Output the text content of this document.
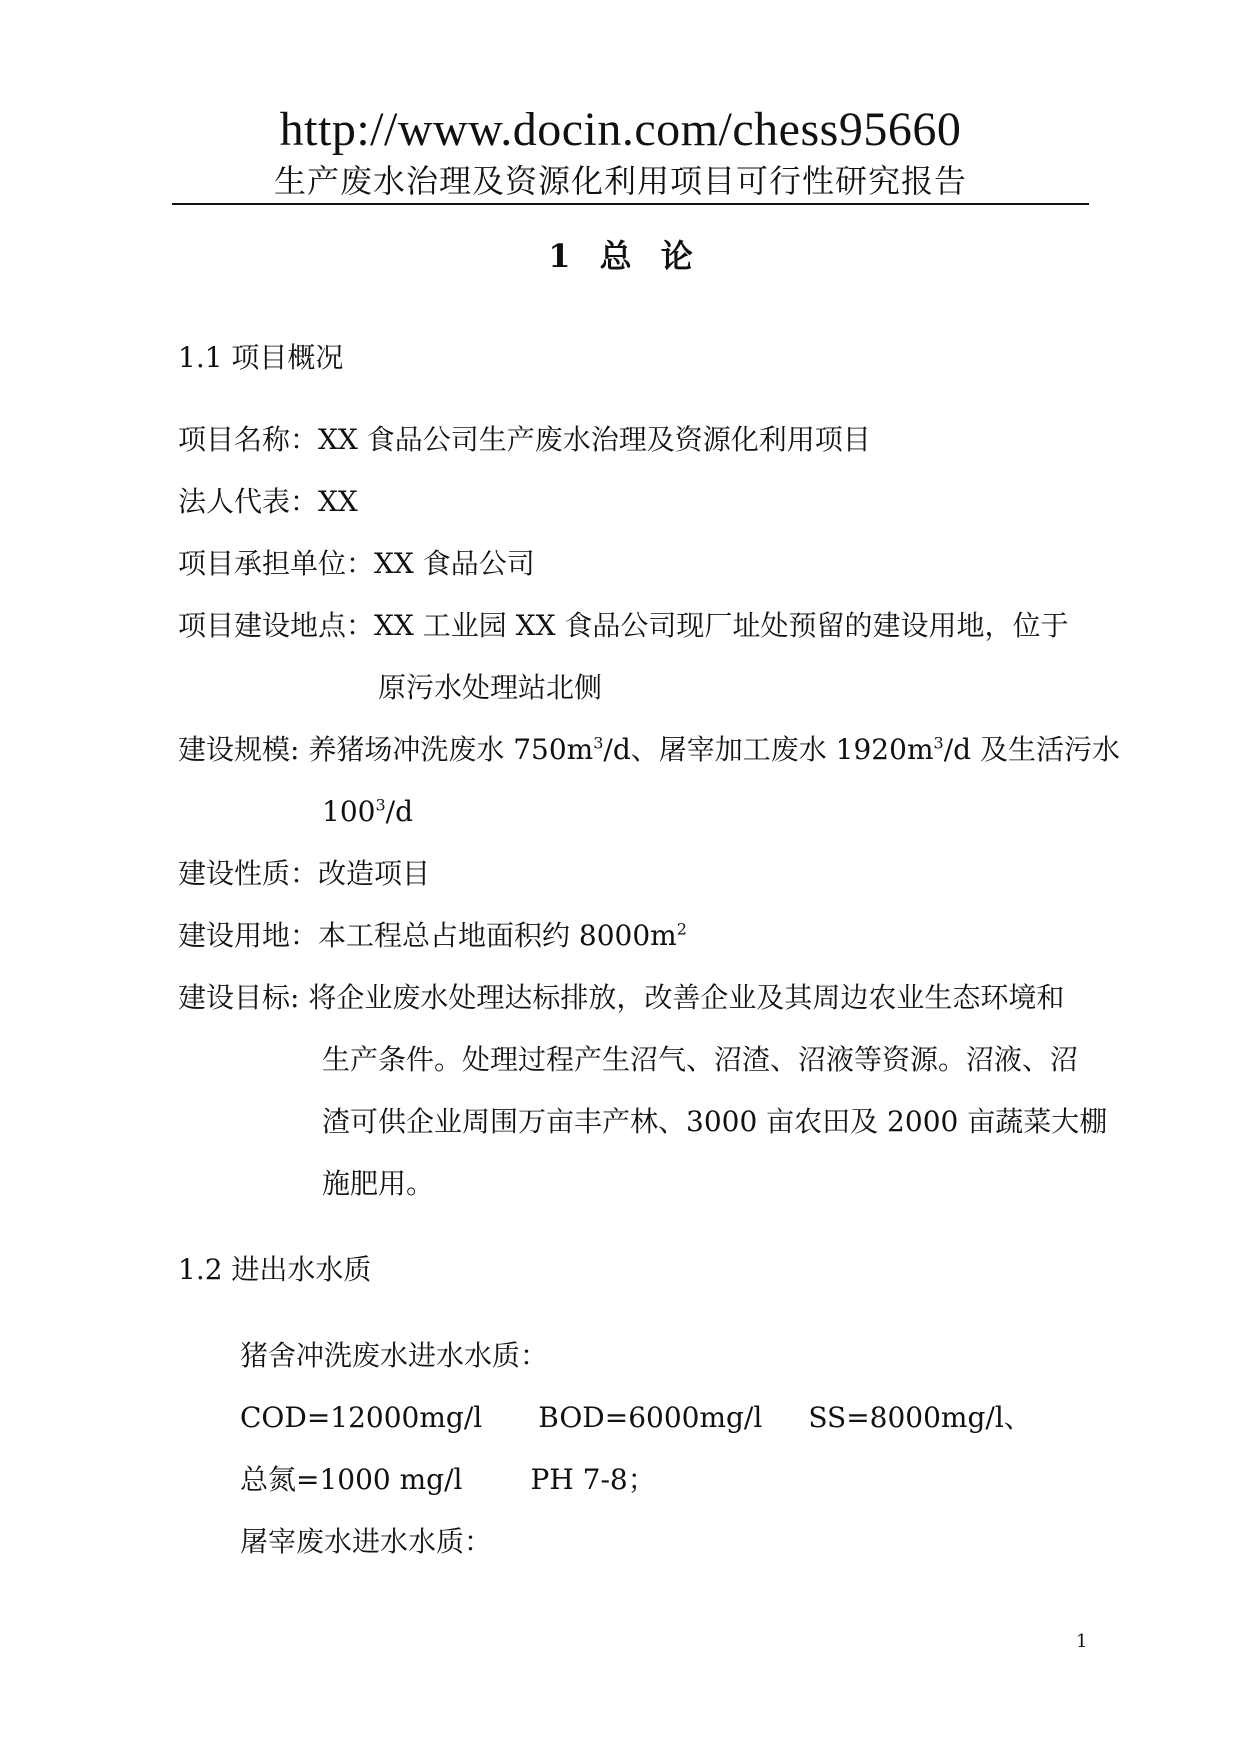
http://www.docin.com/chess95660
生产废水治理及资源化利用项目可行性研究报告
1 总 论
1.1 项目概况
项目名称：XX 食品公司生产废水治理及资源化利用项目
法人代表：XX
项目承担单位：XX 食品公司
项目建设地点：XX 工业园 XX 食品公司现厂址处预留的建设用地，位于
原污水处理站北侧
建设规模: 养猪场冲洗废水 $750m^3/d$、屠宰加工废水 $1920m^3/d$ 及生活污水
$100^3/d$
建设性质：改造项目
建设用地：本工程总占地面积约 $8000m^2$
建设目标: 将企业废水处理达标排放，改善企业及其周边农业生态环境和
生产条件。处理过程产生沼气、沼渣、沼液等资源。沼液、沼
渣可供企业周围万亩丰产林、3000 亩农田及 2000 亩蔬菜大棚
施肥用。
1.2 进出水水质
猪舍冲洗废水进水水质：
COD=12000mg/l BOD=6000mg/l SS=8000mg/l、
总氮=1000 mg/l PH 7-8；
屠宰废水进水水质：
1
